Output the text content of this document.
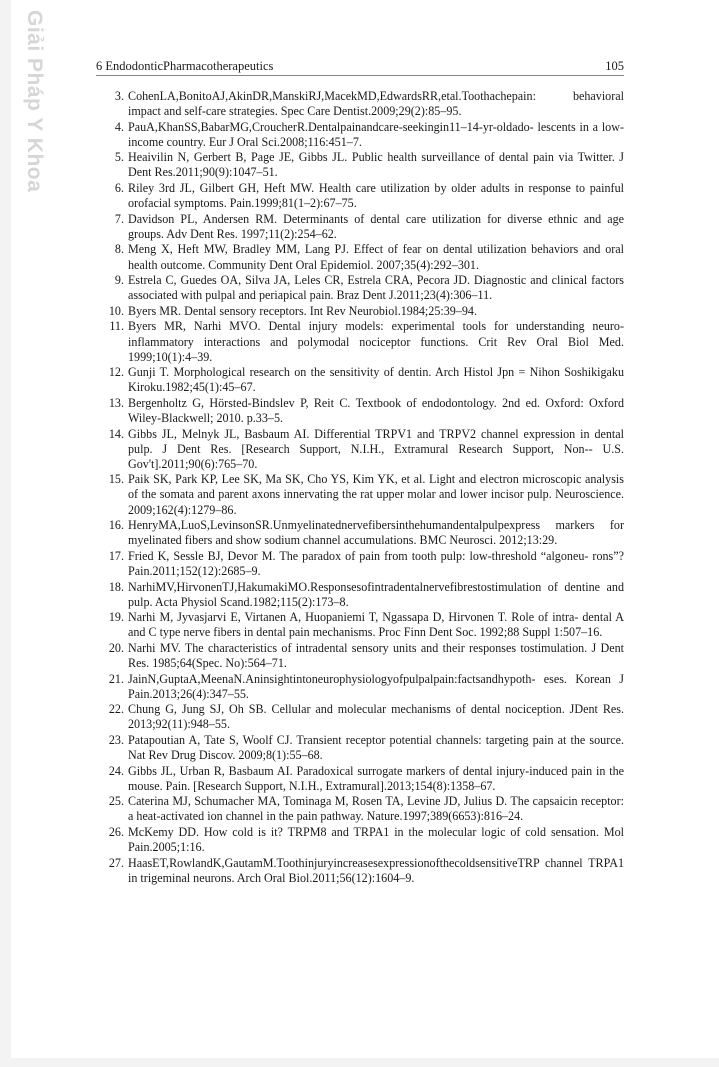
Giải Pháp Y Khoa	6 EndodonticPharmacotherapeutics	105
3. CohenLA,BonitoAJ,AkinDR,ManskiRJ,MacekMD,EdwardsRR,etal.Toothachepain: behavioral impact and self-care strategies. Spec Care Dentist.2009;29(2):85–95.
4. PauA,KhanSS,BabarMG,CroucherR.Dentalpainandcare-seekingin11–14-yr-oldado- lescents in a low-income country. Eur J Oral Sci.2008;116:451–7.
5. Heaivilin N, Gerbert B, Page JE, Gibbs JL. Public health surveillance of dental pain via Twitter. J Dent Res.2011;90(9):1047–51.
6. Riley 3rd JL, Gilbert GH, Heft MW. Health care utilization by older adults in response to painful orofacial symptoms. Pain.1999;81(1–2):67–75.
7. Davidson PL, Andersen RM. Determinants of dental care utilization for diverse ethnic and age groups. Adv Dent Res. 1997;11(2):254–62.
8. Meng X, Heft MW, Bradley MM, Lang PJ. Effect of fear on dental utilization behaviors and oral health outcome. Community Dent Oral Epidemiol. 2007;35(4):292–301.
9. Estrela C, Guedes OA, Silva JA, Leles CR, Estrela CRA, Pecora JD. Diagnostic and clinical factors associated with pulpal and periapical pain. Braz Dent J.2011;23(4):306–11.
10. Byers MR. Dental sensory receptors. Int Rev Neurobiol.1984;25:39–94.
11. Byers MR, Narhi MVO. Dental injury models: experimental tools for understanding neuro- inflammatory interactions and polymodal nociceptor functions. Crit Rev Oral Biol Med. 1999;10(1):4–39.
12. Gunji T. Morphological research on the sensitivity of dentin. Arch Histol Jpn = Nihon Soshikigaku Kiroku.1982;45(1):45–67.
13. Bergenholtz G, Hörsted-Bindslev P, Reit C. Textbook of endodontology. 2nd ed. Oxford: Oxford Wiley-Blackwell; 2010. p.33–5.
14. Gibbs JL, Melnyk JL, Basbaum AI. Differential TRPV1 and TRPV2 channel expression in dental pulp. J Dent Res. [Research Support, N.I.H., Extramural Research Support, Non-- U.S. Gov't].2011;90(6):765–70.
15. Paik SK, Park KP, Lee SK, Ma SK, Cho YS, Kim YK, et al. Light and electron microscopic analysis of the somata and parent axons innervating the rat upper molar and lower incisor pulp. Neuroscience. 2009;162(4):1279–86.
16. HenryMA,LuoS,LevinsonSR.Unmyelinatednervefibersinthehumandentalpulpexpress markers for myelinated fibers and show sodium channel accumulations. BMC Neurosci. 2012;13:29.
17. Fried K, Sessle BJ, Devor M. The paradox of pain from tooth pulp: low-threshold “algoneu- rons”? Pain.2011;152(12):2685–9.
18. NarhiMV,HirvonenTJ,HakumakiMO.Responsesofintradentalnervefibrestostimulation of dentine and pulp. Acta Physiol Scand.1982;115(2):173–8.
19. Narhi M, Jyvasjarvi E, Virtanen A, Huopaniemi T, Ngassapa D, Hirvonen T. Role of intra- dental A and C type nerve fibers in dental pain mechanisms. Proc Finn Dent Soc. 1992;88 Suppl 1:507–16.
20. Narhi MV. The characteristics of intradental sensory units and their responses tostimulation. J Dent Res. 1985;64(Spec. No):564–71.
21. JainN,GuptaA,MeenaN.Aninsightintoneurophysiologyofpulpalpain:factsandhypoth- eses. Korean J Pain.2013;26(4):347–55.
22. Chung G, Jung SJ, Oh SB. Cellular and molecular mechanisms of dental nociception. JDent Res. 2013;92(11):948–55.
23. Patapoutian A, Tate S, Woolf CJ. Transient receptor potential channels: targeting pain at the source. Nat Rev Drug Discov. 2009;8(1):55–68.
24. Gibbs JL, Urban R, Basbaum AI. Paradoxical surrogate markers of dental injury-induced pain in the mouse. Pain. [Research Support, N.I.H., Extramural].2013;154(8):1358–67.
25. Caterina MJ, Schumacher MA, Tominaga M, Rosen TA, Levine JD, Julius D. The capsaicin receptor: a heat-activated ion channel in the pain pathway. Nature.1997;389(6653):816–24.
26. McKemy DD. How cold is it? TRPM8 and TRPA1 in the molecular logic of cold sensation. Mol Pain.2005;1:16.
27. HaasET,RowlandK,GautamM.ToothinjuryincreasesexpressionofthecoldsensitiveTRP channel TRPA1 in trigeminal neurons. Arch Oral Biol.2011;56(12):1604–9.
